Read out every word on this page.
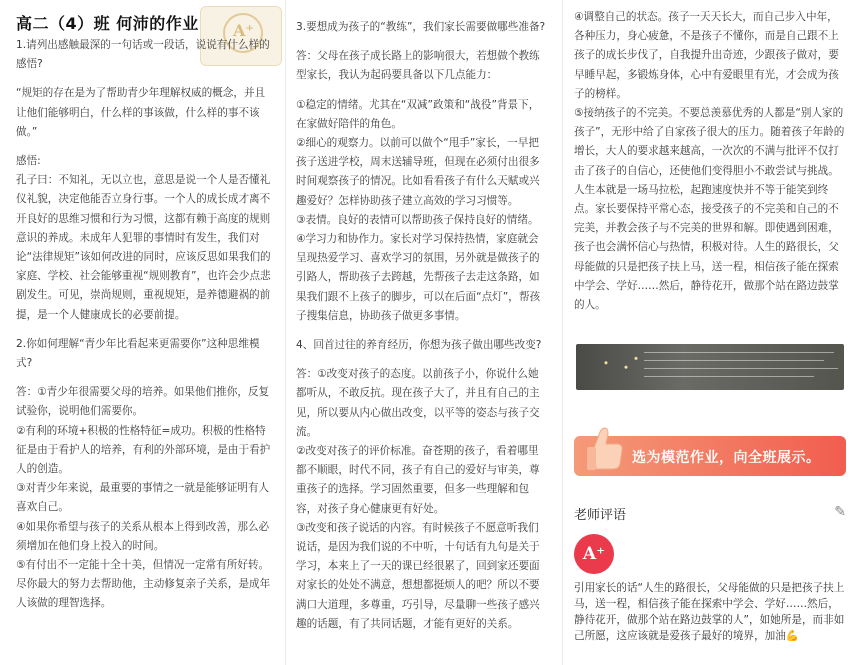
A⁺
高二（4）班 何沛的作业

1.请列出感触最深的一句话或一段话，说说有什么样的感悟?

“规矩的存在是为了帮助青少年理解权威的概念，并且让他们能够明白，什么样的事该做，什么样的事不该做。”

感悟:

孔子曰：不知礼，无以立也，意思是说一个人是否懂礼仪礼貌，决定他能否立身行事。一个人的成长成才离不开良好的思维习惯和行为习惯，这都有赖于高度的规则意识的养成。未成年人犯罪的事情时有发生，我们对论“法律规矩”该如何改进的同时，应该反思如果我们的家庭、学校、社会能够重视“规则教育”，也许会少点悲剧发生。可见，崇尚规则，重视规矩，是养德避祸的前提，是一个人健康成长的必要前提。

2.你如何理解“青少年比看起来更需要你”这种思维模式?

答：①青少年很需要父母的培养。如果他们推你，反复试验你，说明他们需要你。

②有利的环境+积极的性格特征=成功。积极的性格特征是由于看护人的培养，有利的外部环境，是由于看护人的创造。

③对青少年来说，最重要的事情之一就是能够证明有人喜欢自己。

④如果你希望与孩子的关系从根本上得到改善，那么必须增加在他们身上投入的时间。

⑤有付出不一定能十全十美，但情况一定常有所好转。尽你最大的努力去帮助他，主动修复亲子关系，是成年人该做的理智选择。

3.要想成为孩子的“教练”，我们家长需要做哪些准备?

答：父母在孩子成长路上的影响很大，若想做个教练型家长，我认为起码要具备以下几点能力：

①稳定的情绪。尤其在“双减”政策和“战役”背景下，在家做好陪伴的角色。

②细心的观察力。以前可以做个“甩手”家长，一早把孩子送进学校，周末送辅导班，但现在必须付出很多时间观察孩子的情况。比如看看孩子有什么天赋或兴趣爱好？怎样协助孩子建立高效的学习习惯等。

③表情。良好的表情可以帮助孩子保持良好的情绪。

④学习力和协作力。家长对学习保持热情，家庭就会呈现热爱学习、喜欢学习的氛围，另外就是做孩子的引路人，帮助孩子去跨越，先帮孩子去走这条路，如果我们跟不上孩子的脚步，可以在后面“点灯”，帮孩子搜集信息，协助孩子做更多事情。

4、回首过往的养育经历，你想为孩子做出哪些改变?

答：①改变对孩子的态度。以前孩子小，你说什么她都听从，不敢反抗。现在孩子大了，并且有自己的主见，所以要从内心做出改变，以平等的姿态与孩子交流。

②改变对孩子的评价标准。奋苍期的孩子，看着哪里都不顺眼，时代不同，孩子有自己的爱好与审美，尊重孩子的选择。学习固然重要，但多一些理解和包容，对孩子身心健康更有好处。

③改变和孩子说话的内容。有时候孩子不愿意听我们说话，是因为我们说的不中听，十句话有九句是关于学习，本来上了一天的课已经很累了，回到家还要面对家长的处处不满意，想想都挺烦人的吧？所以不要满口大道理，多尊重，巧引导，尽量聊一些孩子感兴趣的话题，有了共同话题，才能有更好的关系。

④调整自己的状态。孩子一天天长大，而自己步入中年，各种压力，身心疲惫，不是孩子不懂你，而是自己跟不上孩子的成长步伐了，自我提升出奇迹，少跟孩子做对，要早睡早起，多锻炼身体，心中有爱眼里有光，才会成为孩子的榜样。

⑤接纳孩子的不完美。不要总羡慕优秀的人都是“别人家的孩子”，无形中给了自家孩子很大的压力。随着孩子年龄的增长，大人的要求越来越高，一次次的不满与批评不仅打击了孩子的自信心，还使他们变得胆小不敢尝试与挑战。人生本就是一场马拉松，起跑速度快并不等于能笑到终点。家长要保持平常心态，接受孩子的不完美和自己的不完美，并教会孩子与不完美的世界和解。即使遇到困难，孩子也会满怀信心与热情，积极对待。人生的路很长，父母能做的只是把孩子扶上马，送一程，相信孩子能在探索中学会、学好……然后，静待花开，做那个站在路边鼓掌的人。

选为模范作业，向全班展示。
老师评语	✎
A⁺
引用家长的话“人生的路很长，父母能做的只是把孩子扶上马，送一程，相信孩子能在探索中学会、学好……然后，静待花开，做那个站在路边鼓掌的人”，如她所是，而非如己所愿，这应该就是爱孩子最好的境界，加油💪
